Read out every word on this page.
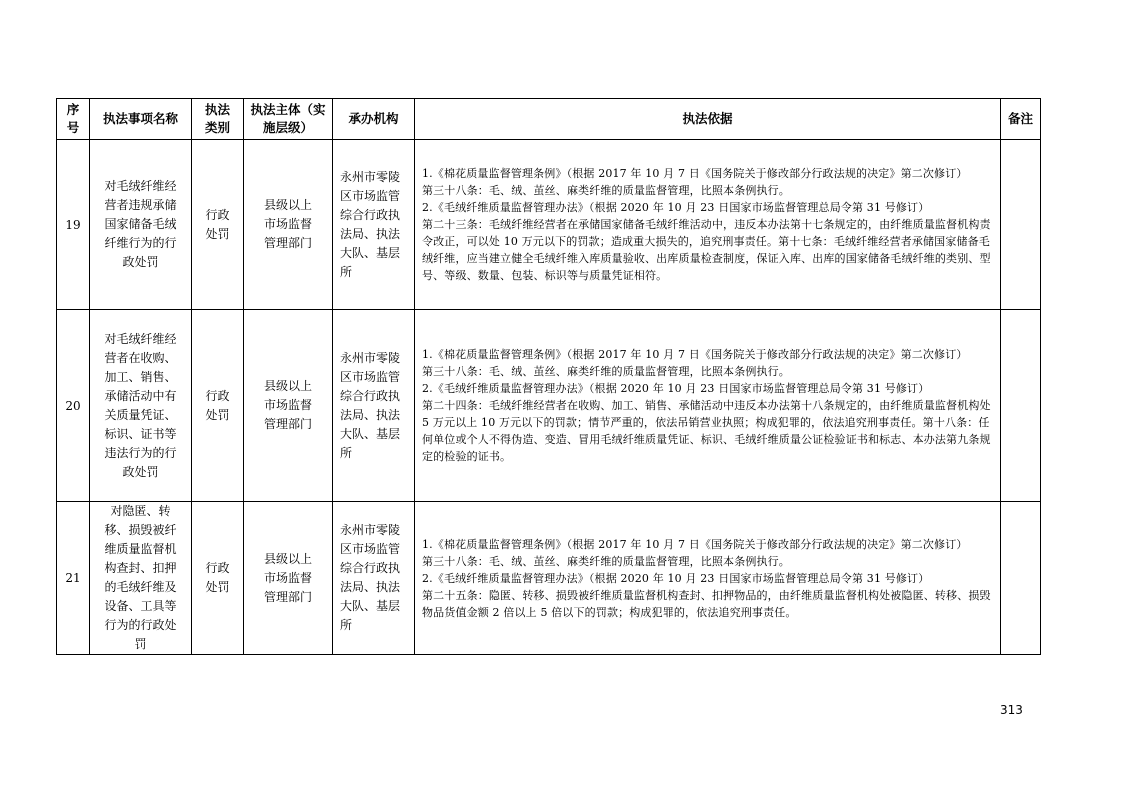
序号	执法事项名称	执法类别	执法主体（实施层级）	承办机构	执法依据	备注
19	对毛绒纤维经营者违规承储国家储备毛绒纤维行为的行政处罚	行政处罚	县级以上市场监督管理部门	永州市零陵区市场监管综合行政执法局、执法大队、基层所	1.《棉花质量监督管理条例》（根据 2017 年 10 月 7 日《国务院关于修改部分行政法规的决定》第二次修订）

第三十八条：毛、绒、茧丝、麻类纤维的质量监督管理，比照本条例执行。

2.《毛绒纤维质量监督管理办法》（根据 2020 年 10 月 23 日国家市场监督管理总局令第 31 号修订）

第二十三条：毛绒纤维经营者在承储国家储备毛绒纤维活动中，违反本办法第十七条规定的，由纤维质量监督机构责令改正，可以处 10 万元以下的罚款；造成重大损失的，追究刑事责任。第十七条：毛绒纤维经营者承储国家储备毛绒纤维，应当建立健全毛绒纤维入库质量验收、出库质量检查制度，保证入库、出库的国家储备毛绒纤维的类别、型号、等级、数量、包装、标识等与质量凭证相符。	

20	对毛绒纤维经营者在收购、加工、销售、承储活动中有关质量凭证、标识、证书等违法行为的行政处罚	行政处罚	县级以上市场监督管理部门	永州市零陵区市场监管综合行政执法局、执法大队、基层所	1.《棉花质量监督管理条例》（根据 2017 年 10 月 7 日《国务院关于修改部分行政法规的决定》第二次修订）

第三十八条：毛、绒、茧丝、麻类纤维的质量监督管理，比照本条例执行。

2.《毛绒纤维质量监督管理办法》（根据 2020 年 10 月 23 日国家市场监督管理总局令第 31 号修订）

第二十四条：毛绒纤维经营者在收购、加工、销售、承储活动中违反本办法第十八条规定的，由纤维质量监督机构处 5 万元以上 10 万元以下的罚款；情节严重的，依法吊销营业执照；构成犯罪的，依法追究刑事责任。第十八条：任何单位或个人不得伪造、变造、冒用毛绒纤维质量凭证、标识、毛绒纤维质量公证检验证书和标志、本办法第九条规定的检验的证书。	

21	对隐匿、转移、损毁被纤维质量监督机构查封、扣押的毛绒纤维及设备、工具等行为的行政处罚	行政处罚	县级以上市场监督管理部门	永州市零陵区市场监管综合行政执法局、执法大队、基层所	1.《棉花质量监督管理条例》（根据 2017 年 10 月 7 日《国务院关于修改部分行政法规的决定》第二次修订）

第三十八条：毛、绒、茧丝、麻类纤维的质量监督管理，比照本条例执行。

2.《毛绒纤维质量监督管理办法》（根据 2020 年 10 月 23 日国家市场监督管理总局令第 31 号修订）

第二十五条：隐匿、转移、损毁被纤维质量监督机构查封、扣押物品的，由纤维质量监督机构处被隐匿、转移、损毁物品货值金额 2 倍以上 5 倍以下的罚款；构成犯罪的，依法追究刑事责任。	

313
